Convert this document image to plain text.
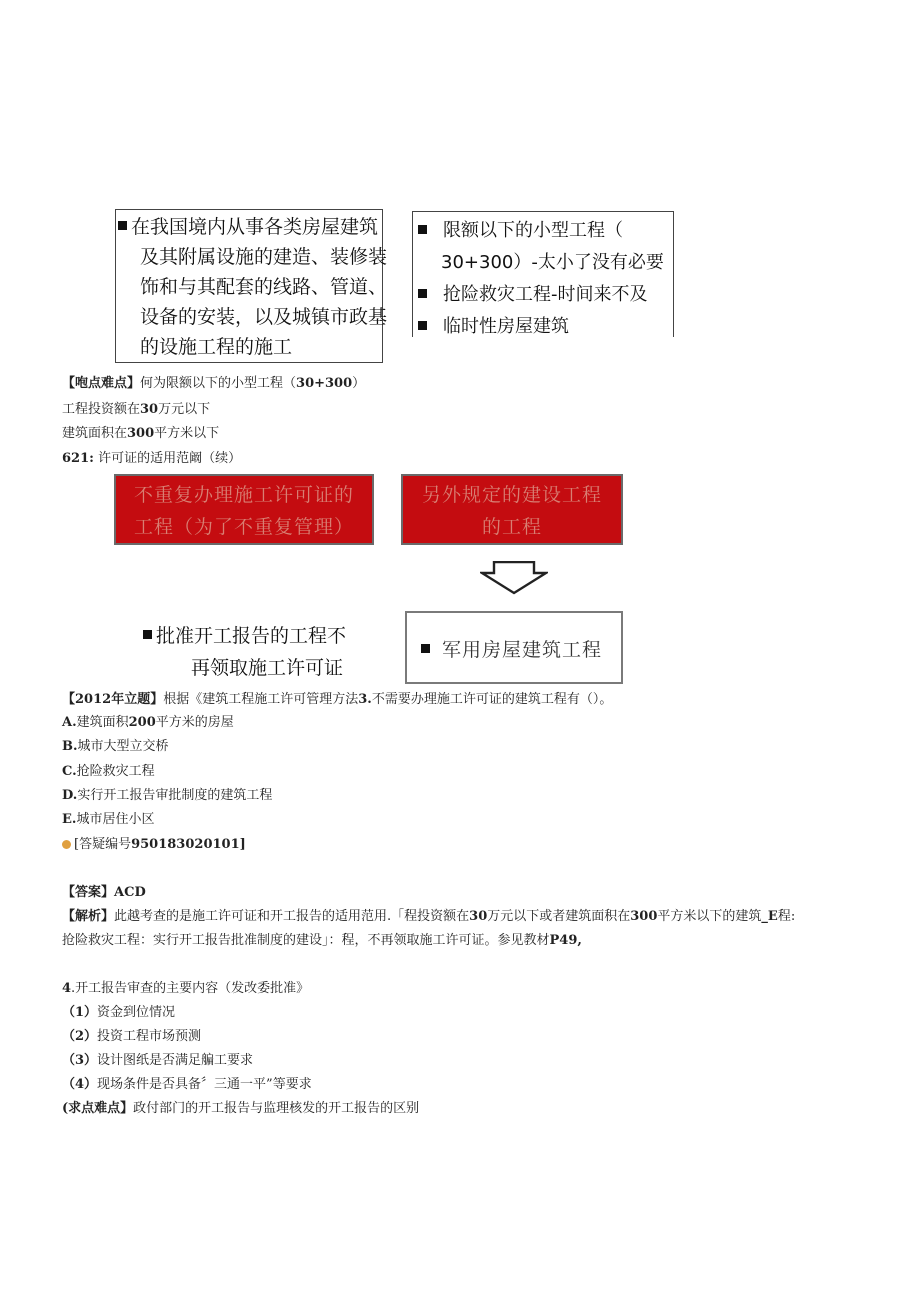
在我国境内从事各类房屋建筑
及其附属设施的建造、装修装
饰和与其配套的线路、管道、
设备的安装，以及城镇市政基
的设施工程的施工
限额以下的小型工程（
30+300）-太小了没有必要
抢险救灾工程-时间来不及
临时性房屋建筑
【咆点难点】何为限额以下的小型工程（30+300）
工程投资额在30万元以下
建筑面积在300平方米以下
621: 许可证的适用范阚（续）
不重复办理施工许可证的
工程（为了不重复管理）
另外规定的建设工程
的工程
批准开工报告的工程不
再领取施工许可证
军用房屋建筑工程
【2012年立题】根据《建筑工程施工许可管理方法3.不需要办理施工许可证的建筑工程有（）。
A.建筑面积200平方米的房屋
B.城市大型立交桥
C.抢险救灾工程
D.实行开工报告审批制度的建筑工程
E.城市居住小区
[答疑编号950183020101]
【答案】ACD
【解析】此越考查的是施工许可证和开工报告的适用范用.「程投资额在30万元以下或者建筑面积在300平方米以下的建筑_E程:
抢险救灾工程：实行开工报告批准制度的建设」：程，不再领取施工许可证。参见教材P49,
4.开工报告审查的主要内容（发改委批准》
（1）资金到位情况
（2）投资工程市场预测
（3）设计图纸是否满足艑工要求
（4）现场条件是否具备〞三通一平”等要求
(求点难点】政付部门的开工报告与监理核发的开工报告的区别
